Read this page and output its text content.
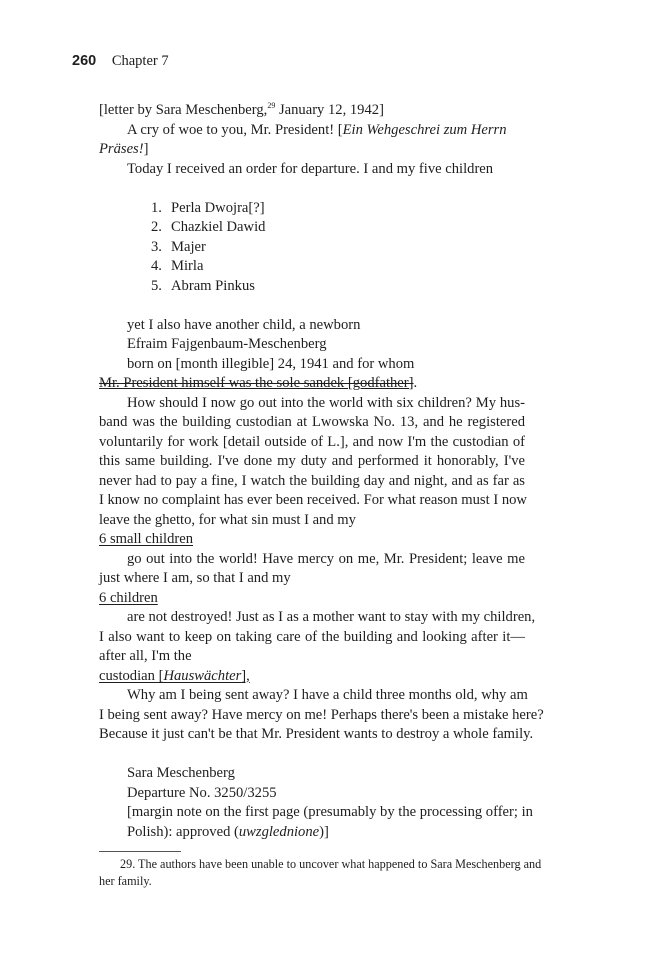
260 Chapter 7
[letter by Sara Meschenberg,$^{29}$ January 12, 1942]
A cry of woe to you, Mr. President! [Ein Wehgeschrei zum Herrn
Präses!]
Today I received an order for departure. I and my five children
1. Perla Dwojra[?]
2. Chazkiel Dawid
3. Majer
4. Mirla
5. Abram Pinkus
yet I also have another child, a newborn
Efraim Fajgenbaum-Meschenberg
born on [month illegible] 24, 1941 and for whom
Mr. President himself was the sole sandek [godfather].
How should I now go out into the world with six children? My hus-
band was the building custodian at Lwowska No. 13, and he registered
voluntarily for work [detail outside of L.], and now I'm the custodian of
this same building. I've done my duty and performed it honorably, I've
never had to pay a fine, I watch the building day and night, and as far as
I know no complaint has ever been received. For what reason must I now
leave the ghetto, for what sin must I and my
6 small children
go out into the world! Have mercy on me, Mr. President; leave me
just where I am, so that I and my
6 children
are not destroyed! Just as I as a mother want to stay with my children,
I also want to keep on taking care of the building and looking after it—
after all, I'm the
custodian [Hauswächter],
Why am I being sent away? I have a child three months old, why am
I being sent away? Have mercy on me! Perhaps there's been a mistake here?
Because it just can't be that Mr. President wants to destroy a whole family.
Sara Meschenberg
Departure No. 3250/3255
[margin note on the first page (presumably by the processing offer; in
Polish): approved (uwzglednione)]
29. The authors have been unable to uncover what happened to Sara Meschenberg and
her family.
